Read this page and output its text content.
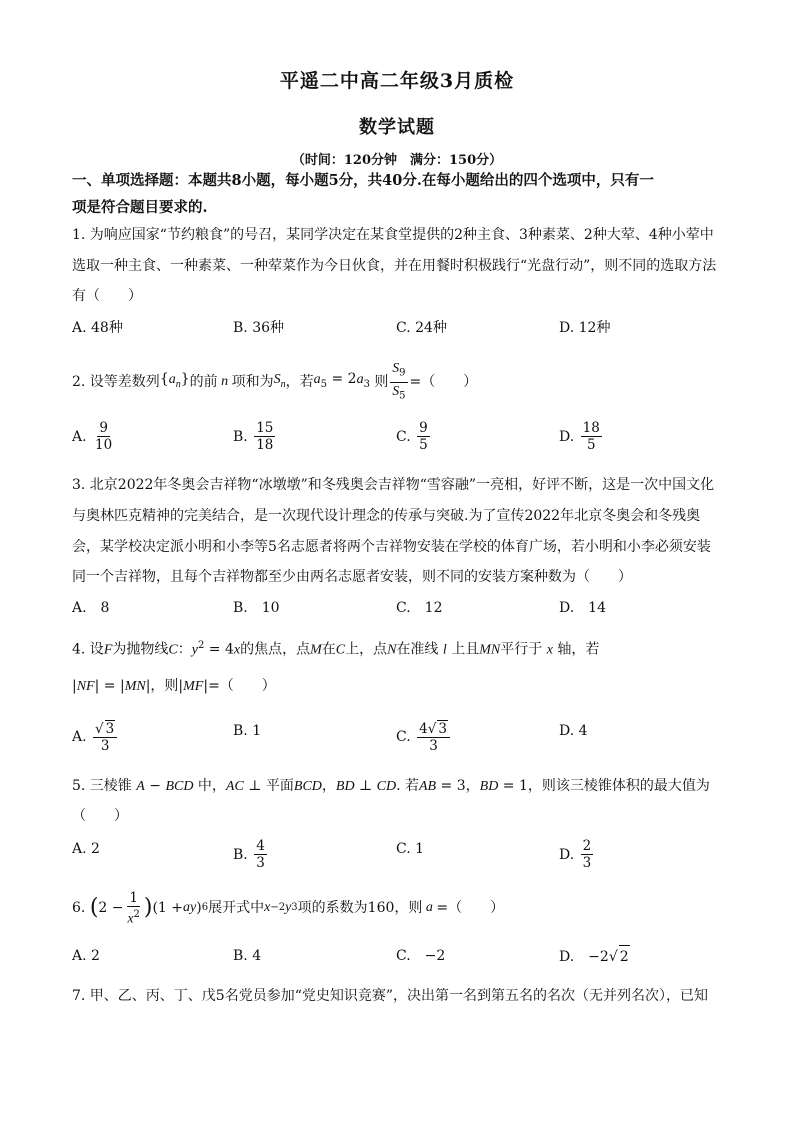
平遥二中高二年级3月质检
数学试题
（时间：120分钟　满分：150分）
一、单项选择题：本题共8小题，每小题5分，共40分.在每小题给出的四个选项中，只有一
项是符合题目要求的.
1. 为响应国家“节约粮食”的号召，某同学决定在某食堂提供的2种主食、3种素菜、2种大荤、4种小荤中
选取一种主食、一种素菜、一种荤菜作为今日伙食，并在用餐时积极践行“光盘行动”，则不同的选取方法
有（　　）
A. 48种	B. 36种	C. 24种	D. 12种
2. 设等差数列 $\{a_n\}$ 的前 n 项和为 $S_n$ ，若 $a_5 = 2a_3$ 则 $\frac{S_9}{S_5}$ =（　　）
A.
$\frac{9}{10}$	B.
$\frac{15}{18}$	C.
$\frac{9}{5}$	D.
$\frac{18}{5}$
3. 北京2022年冬奥会吉祥物“冰墩墩”和冬残奥会吉祥物“雪容融”一亮相，好评不断，这是一次中国文化
与奥林匹克精神的完美结合，是一次现代设计理念的传承与突破.为了宣传2022年北京冬奥会和冬残奥
会，某学校决定派小明和小李等5名志愿者将两个吉祥物安装在学校的体育广场，若小明和小李必须安装
同一个吉祥物，且每个吉祥物都至少由两名志愿者安装，则不同的安装方案种数为（　　）
A.　8	B.　10	C.　12	D.　14
4. 设F为抛物线C：$y^2 = 4x$的焦点，点M在C上，点N在准线 l 上且MN平行于 x 轴，若
|NF| = |MN|，则|MF|=（　　）
A.
$\frac{√ 3}{3}$	B. 1	C.
$\frac{4√ 3}{3}$	D. 4
5. 三棱锥 A − BCD 中，AC ⊥ 平面BCD，BD ⊥ CD. 若AB = 3，BD = 1，则该三棱锥体积的最大值为
（　　）
A. 2	B.
$\frac{4}{3}$	C. 1	D.
$\frac{2}{3}$
6.
( $2 - \frac{1}{x^2}$ ) (1 + ay ) 6 展开式中 x −2 y 3 项的系数为160，则 a =（　　）
A. 2	B. 4	C.　−2	D.　−2 √ 2
7. 甲、乙、丙、丁、戊5名党员参加“党史知识竞赛”，决出第一名到第五名的名次（无并列名次），已知
